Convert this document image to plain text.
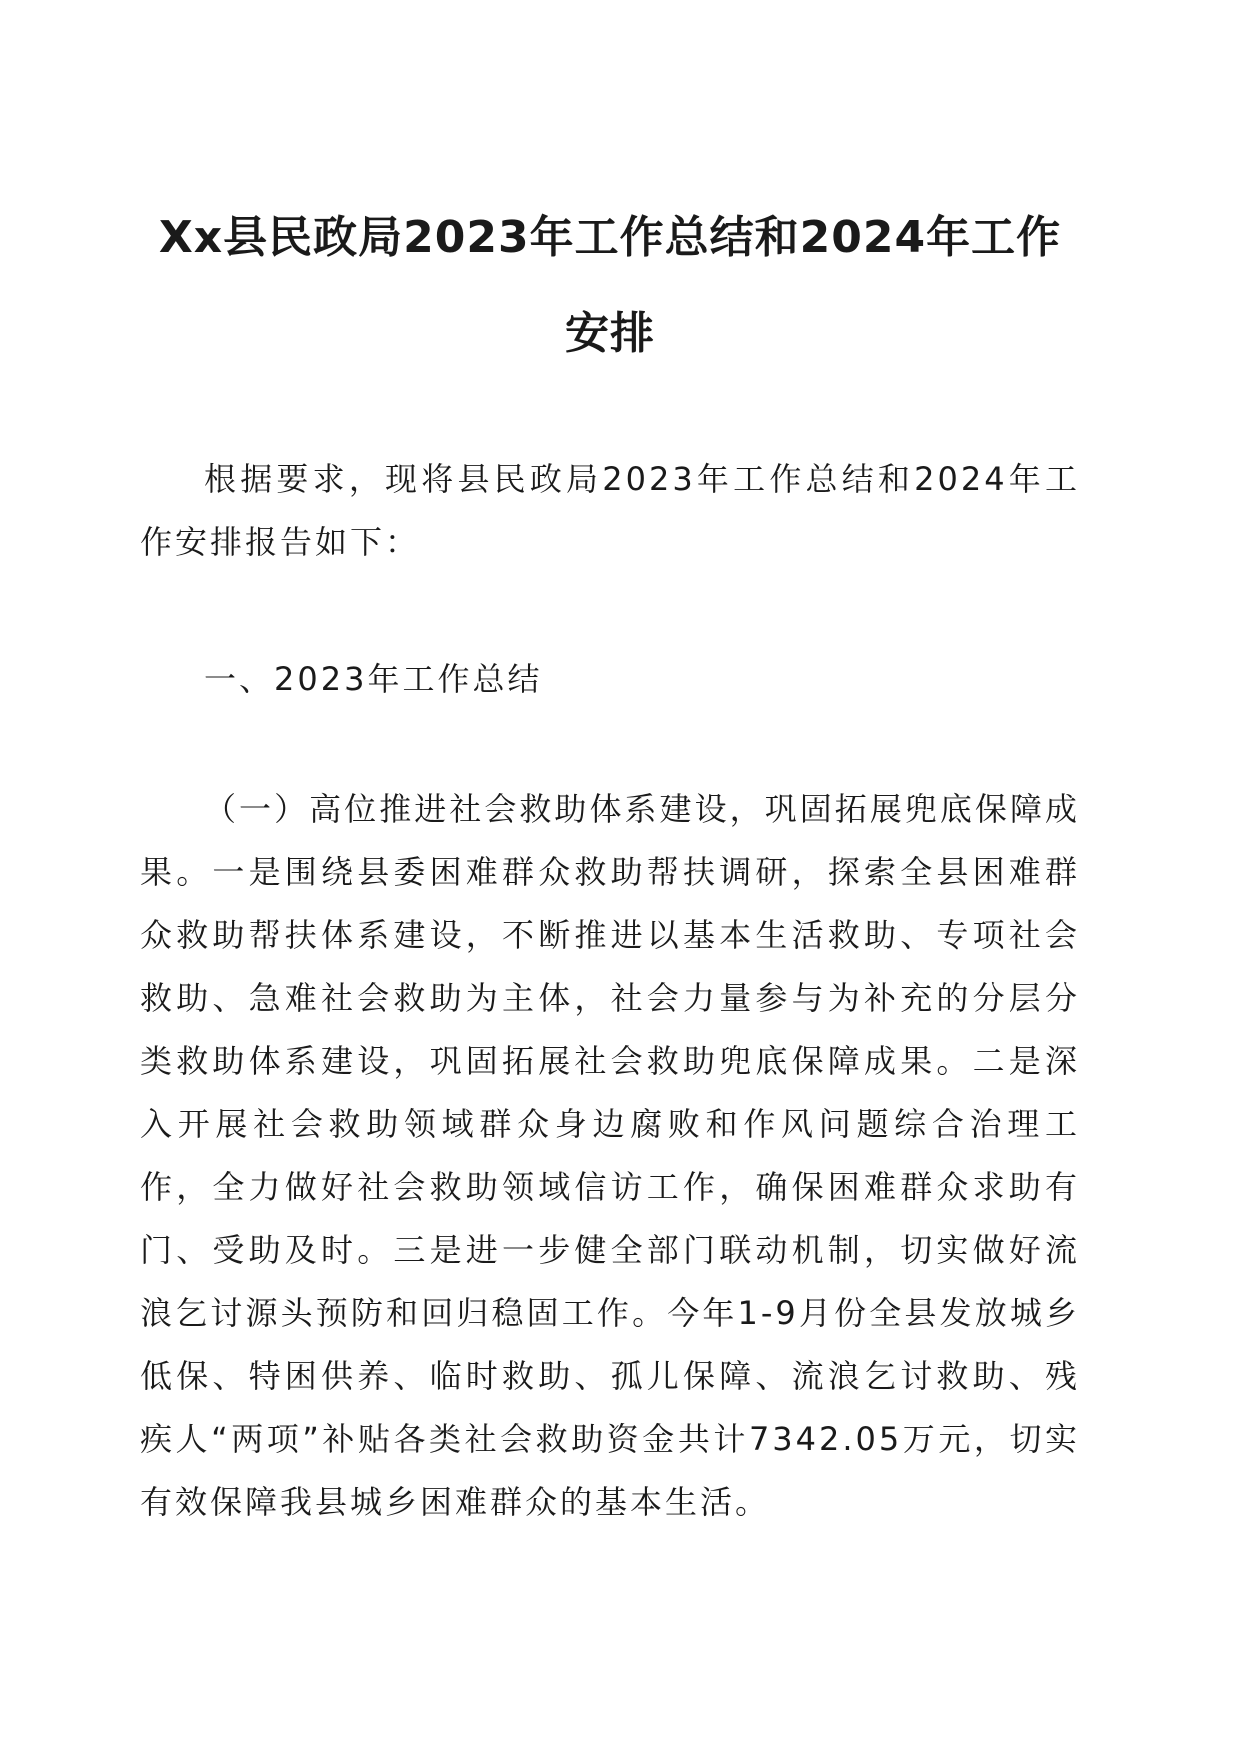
Xx县民政局2023年工作总结和2024年工作安排

根据要求，现将县民政局2023年工作总结和2024年工作安排报告如下：

一、2023年工作总结

（一）高位推进社会救助体系建设，巩固拓展兜底保障成果。一是围绕县委困难群众救助帮扶调研，探索全县困难群众救助帮扶体系建设，不断推进以基本生活救助、专项社会救助、急难社会救助为主体，社会力量参与为补充的分层分类救助体系建设，巩固拓展社会救助兜底保障成果。二是深入开展社会救助领域群众身边腐败和作风问题综合治理工作，全力做好社会救助领域信访工作，确保困难群众求助有门、受助及时。三是进一步健全部门联动机制，切实做好流浪乞讨源头预防和回归稳固工作。今年1-9月份全县发放城乡低保、特困供养、临时救助、孤儿保障、流浪乞讨救助、残疾人“两项”补贴各类社会救助资金共计7342.05万元，切实有效保障我县城乡困难群众的基本生活。
